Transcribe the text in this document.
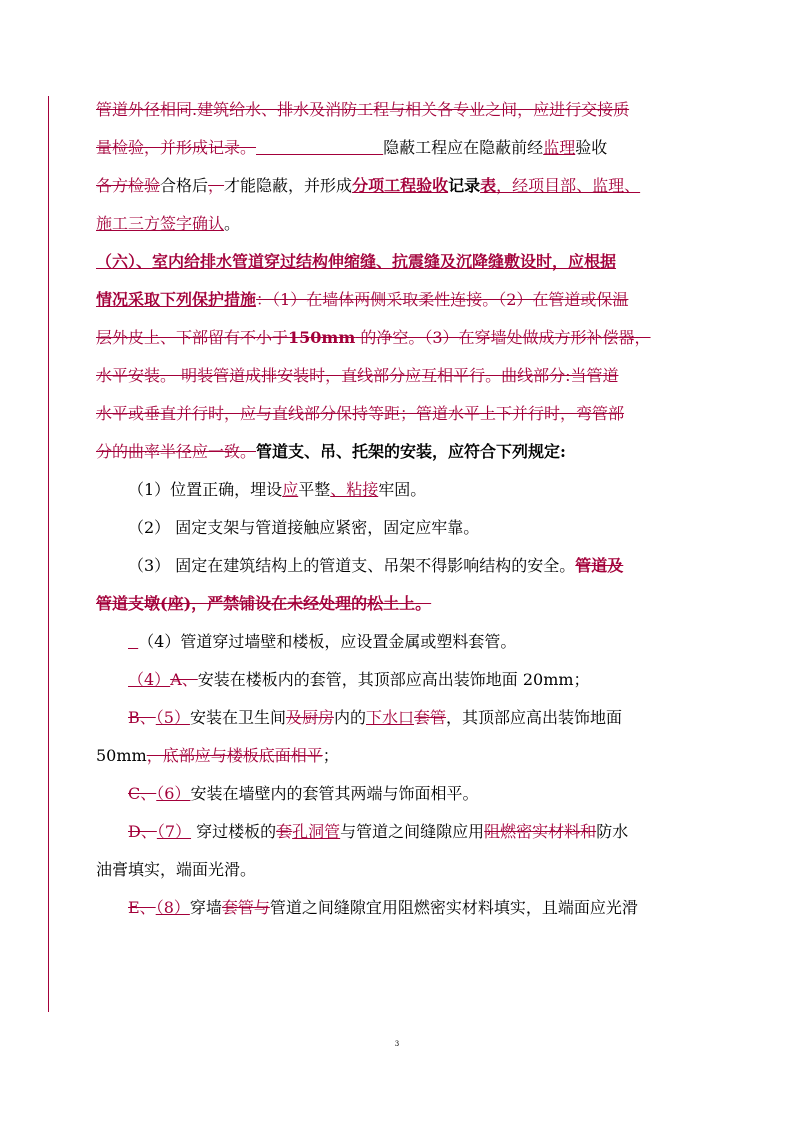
管道外径相同.建筑给水、排水及消防工程与相关各专业之间，应进行交接质
量检验，并形成记录。	隐蔽工程应在隐蔽前经监理验收
各方检验合格后，才能隐蔽，并形成分项工程验收记录表，经项目部、监理、
施工三方签字确认。
（六）、室内给排水管道穿过结构伸缩缝、抗震缝及沉降缝敷设时，应根据
情况采取下列保护措施：（1）在墙体两侧采取柔性连接。（2）在管道或保温
层外皮上、下部留有不小于150mm 的净空。（3）在穿墙处做成方形补偿器，
水平安装。 明装管道成排安装时，直线部分应互相平行。曲线部分:当管道
水平或垂直并行时，应与直线部分保持等距；管道水平上下并行时，弯管部
分的曲率半径应一致。管道支、吊、托架的安装，应符合下列规定:
（1）位置正确，埋设应平整、粘接牢固。
（2） 固定支架与管道接触应紧密，固定应牢靠。
（3） 固定在建筑结构上的管道支、吊架不得影响结构的安全。管道及
管道支墩(座)，严禁铺设在未经处理的松土上。
（4）管道穿过墙壁和楼板，应设置金属或塑料套管。
（4）A、安装在楼板内的套管，其顶部应高出装饰地面 20mm；
B、（5）安装在卫生间及厨房内的下水口套管，其顶部应高出装饰地面
50mm，底部应与楼板底面相平；
C、（6）安装在墙壁内的套管其两端与饰面相平。
D、（7） 穿过楼板的套孔洞管与管道之间缝隙应用阻燃密实材料和防水
油膏填实，端面光滑。
E、（8）穿墙套管与管道之间缝隙宜用阻燃密实材料填实，且端面应光滑
3
